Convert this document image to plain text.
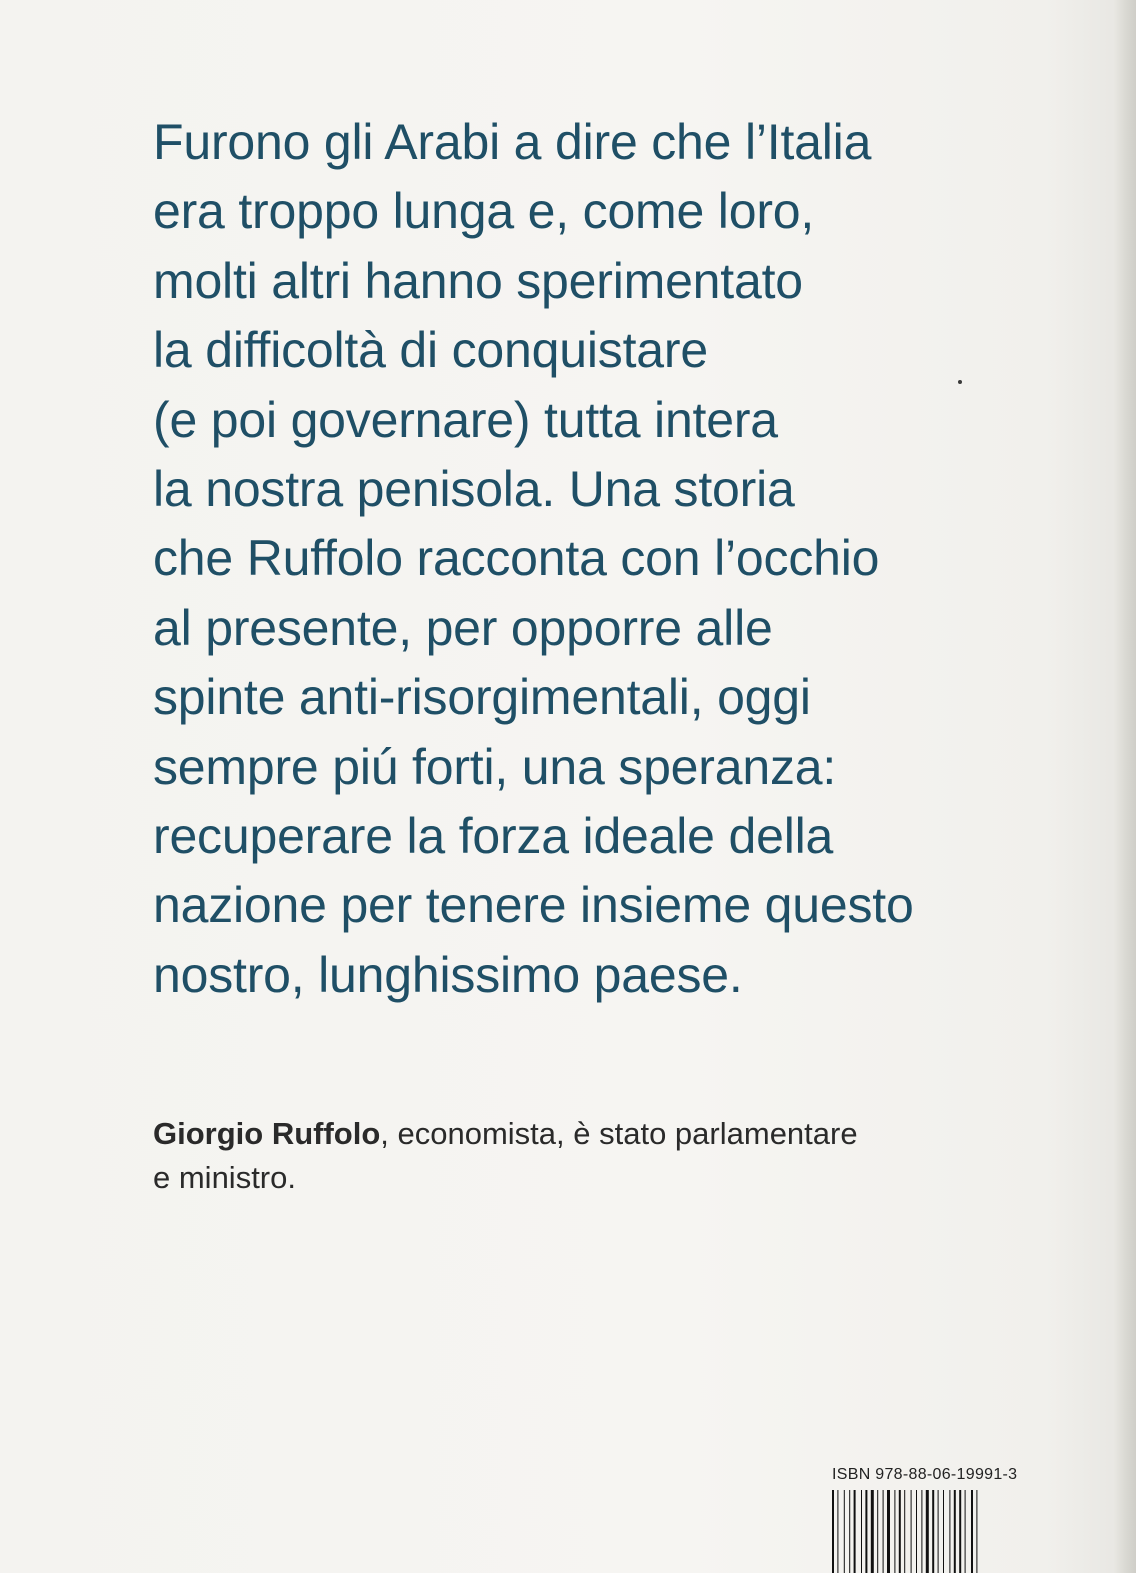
Furono gli Arabi a dire che l’Italia
era troppo lunga e, come loro,
molti altri hanno sperimentato
la difficoltà di conquistare
(e poi governare) tutta intera
la nostra penisola. Una storia
che Ruffolo racconta con l’occhio
al presente, per opporre alle
spinte anti-risorgimentali, oggi
sempre piú forti, una speranza:
recuperare la forza ideale della
nazione per tenere insieme questo
nostro, lunghissimo paese.

Giorgio Ruffolo, economista, è stato parlamentare
e ministro.

ISBN 978-88-06-19991-3
